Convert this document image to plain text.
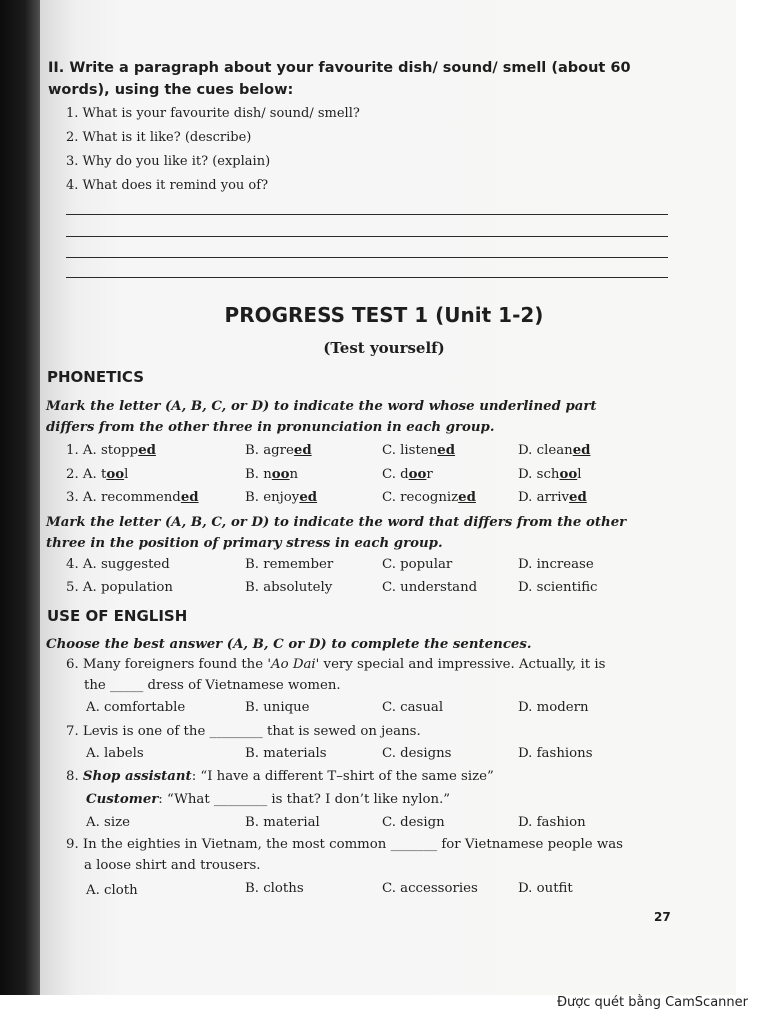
II. Write a paragraph about your favourite dish/ sound/ smell (about 60
words), using the cues below:
1. What is your favourite dish/ sound/ smell?
2. What is it like? (describe)
3. Why do you like it? (explain)
4. What does it remind you of?
PROGRESS TEST 1 (Unit 1-2)
(Test yourself)
PHONETICS
Mark the letter (A, B, C, or D) to indicate the word whose underlined part
differs from the other three in pronunciation in each group.
1. A. stopped	B. agreed	C. listened	D. cleaned
2. A. tool	B. noon	C. door	D. school
3. A. recommended	B. enjoyed	C. recognized	D. arrived
Mark the letter (A, B, C, or D) to indicate the word that differs from the other
three in the position of primary stress in each group.
4. A. suggested	B. remember	C. popular	D. increase
5. A. population	B. absolutely	C. understand	D. scientific
USE OF ENGLISH
Choose the best answer (A, B, C or D) to complete the sentences.
6. Many foreigners found the 'Ao Dai' very special and impressive. Actually, it is
the _____ dress of Vietnamese women.
A. comfortable	B. unique	C. casual	D. modern
7. Levis is one of the ________ that is sewed on jeans.
A. labels	B. materials	C. designs	D. fashions
8. Shop assistant: “I have a different T–shirt of the same size”
Customer: “What ________ is that? I don’t like nylon.”
A. size	B. material	C. design	D. fashion
9. In the eighties in Vietnam, the most common _______ for Vietnamese people was
a loose shirt and trousers.
A. cloth	B. cloths	C. accessories	D. outfit
27
Được quét bằng CamScanner
